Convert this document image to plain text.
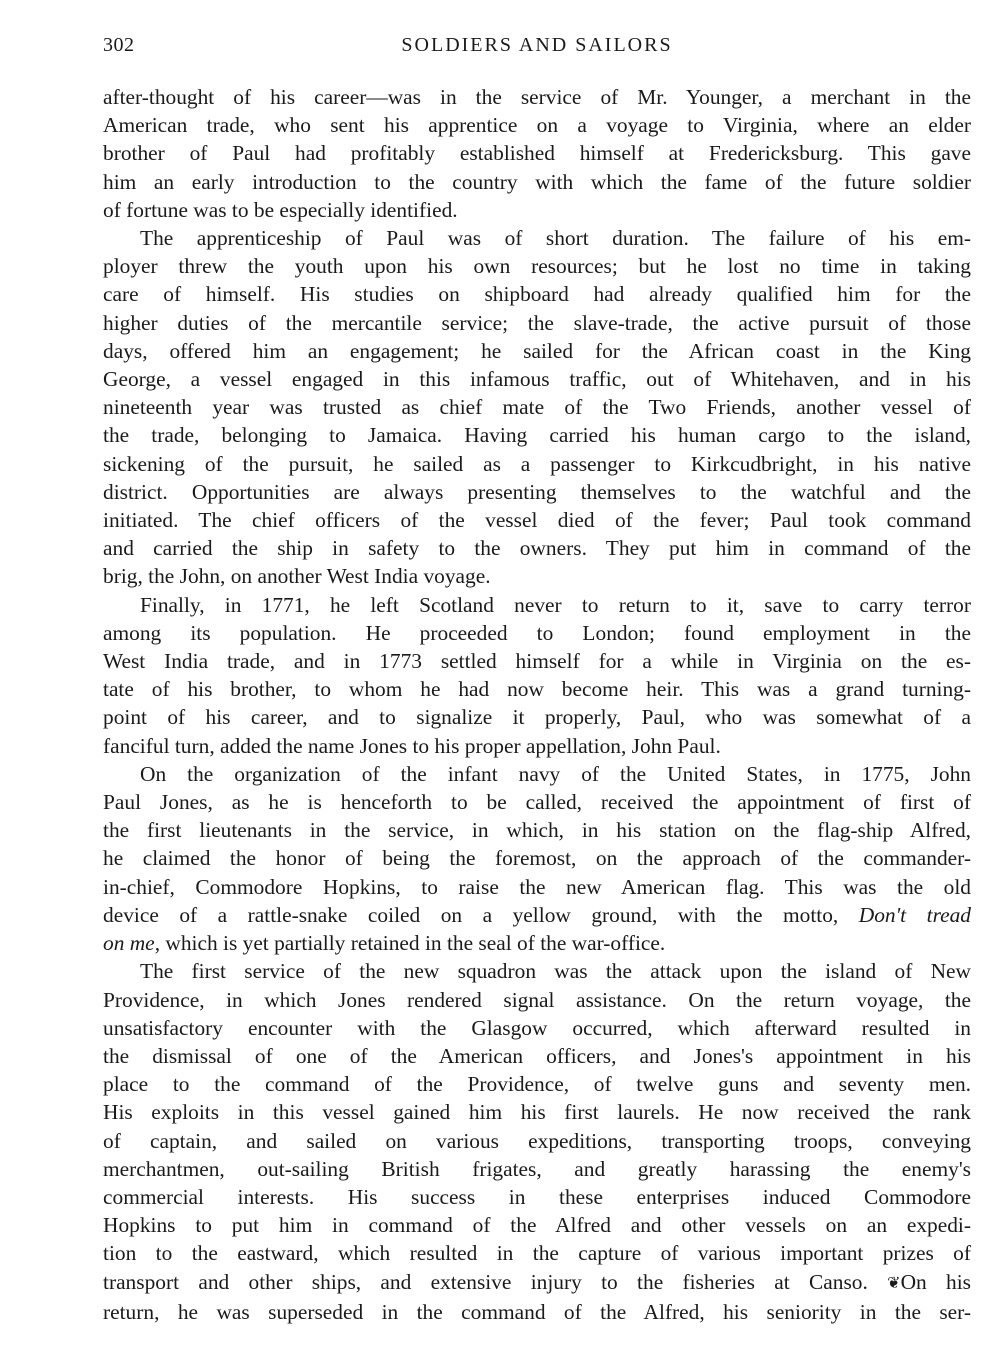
302	SOLDIERS AND SAILORS
after-thought of his career—was in the service of Mr. Younger, a merchant in the
American trade, who sent his apprentice on a voyage to Virginia, where an elder
brother of Paul had profitably established himself at Fredericksburg. This gave
him an early introduction to the country with which the fame of the future soldier
of fortune was to be especially identified.
The apprenticeship of Paul was of short duration. The failure of his em-
ployer threw the youth upon his own resources; but he lost no time in taking
care of himself. His studies on shipboard had already qualified him for the
higher duties of the mercantile service; the slave-trade, the active pursuit of those
days, offered him an engagement; he sailed for the African coast in the King
George, a vessel engaged in this infamous traffic, out of Whitehaven, and in his
nineteenth year was trusted as chief mate of the Two Friends, another vessel of
the trade, belonging to Jamaica. Having carried his human cargo to the island,
sickening of the pursuit, he sailed as a passenger to Kirkcudbright, in his native
district. Opportunities are always presenting themselves to the watchful and the
initiated. The chief officers of the vessel died of the fever; Paul took command
and carried the ship in safety to the owners. They put him in command of the
brig, the John, on another West India voyage.
Finally, in 1771, he left Scotland never to return to it, save to carry terror
among its population. He proceeded to London; found employment in the
West India trade, and in 1773 settled himself for a while in Virginia on the es-
tate of his brother, to whom he had now become heir. This was a grand turning-
point of his career, and to signalize it properly, Paul, who was somewhat of a
fanciful turn, added the name Jones to his proper appellation, John Paul.
On the organization of the infant navy of the United States, in 1775, John
Paul Jones, as he is henceforth to be called, received the appointment of first of
the first lieutenants in the service, in which, in his station on the flag-ship Alfred,
he claimed the honor of being the foremost, on the approach of the commander-
in-chief, Commodore Hopkins, to raise the new American flag. This was the old
device of a rattle-snake coiled on a yellow ground, with the motto, Don't tread
on me, which is yet partially retained in the seal of the war-office.
The first service of the new squadron was the attack upon the island of New
Providence, in which Jones rendered signal assistance. On the return voyage, the
unsatisfactory encounter with the Glasgow occurred, which afterward resulted in
the dismissal of one of the American officers, and Jones's appointment in his
place to the command of the Providence, of twelve guns and seventy men.
His exploits in this vessel gained him his first laurels. He now received the rank
of captain, and sailed on various expeditions, transporting troops, conveying
merchantmen, out-sailing British frigates, and greatly harassing the enemy's
commercial interests. His success in these enterprises induced Commodore
Hopkins to put him in command of the Alfred and other vessels on an expedi-
tion to the eastward, which resulted in the capture of various important prizes of
transport and other ships, and extensive injury to the fisheries at Canso. ❦On his
return, he was superseded in the command of the Alfred, his seniority in the ser-
